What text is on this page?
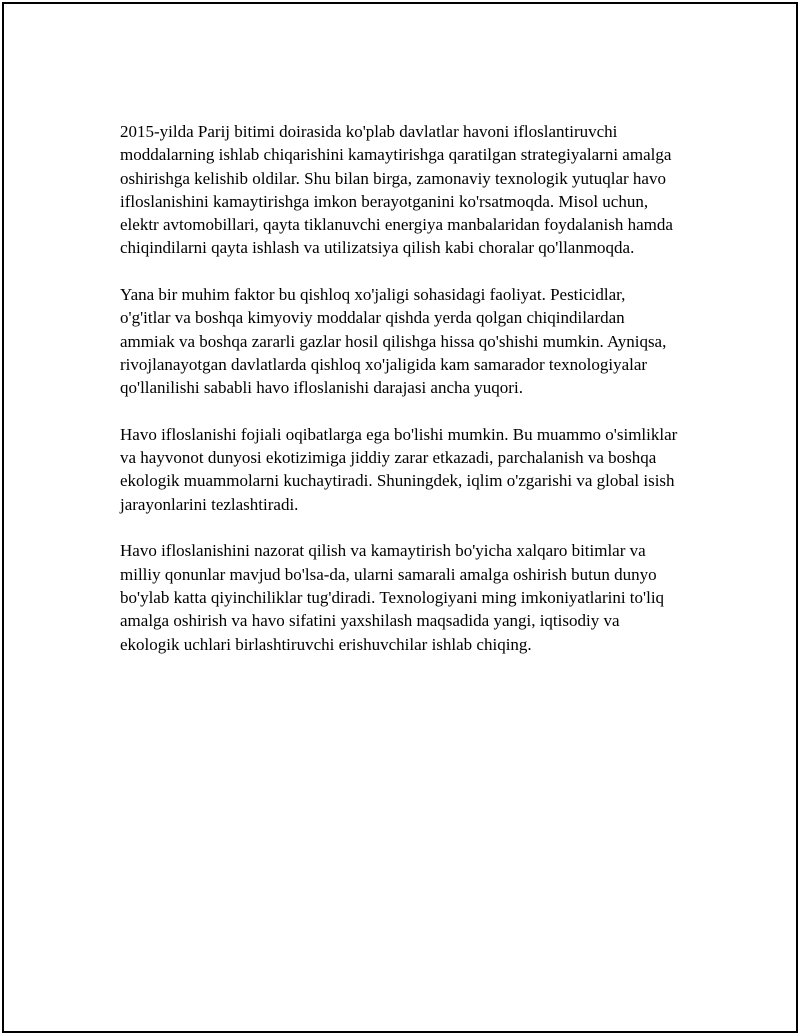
2015-yilda Parij bitimi doirasida ko'plab davlatlar havoni ifloslantiruvchi moddalarning ishlab chiqarishini kamaytirishga qaratilgan strategiyalarni amalga oshirishga kelishib oldilar. Shu bilan birga, zamonaviy texnologik yutuqlar havo ifloslanishini kamaytirishga imkon berayotganini ko'rsatmoqda. Misol uchun, elektr avtomobillari, qayta tiklanuvchi energiya manbalaridan foydalanish hamda chiqindilarni qayta ishlash va utilizatsiya qilish kabi choralar qo'llanmoqda.

Yana bir muhim faktor bu qishloq xo'jaligi sohasidagi faoliyat. Pesticidlar, o'g'itlar va boshqa kimyoviy moddalar qishda yerda qolgan chiqindilardan ammiak va boshqa zararli gazlar hosil qilishga hissa qo'shishi mumkin. Ayniqsa, rivojlanayotgan davlatlarda qishloq xo'jaligida kam samarador texnologiyalar qo'llanilishi sababli havo ifloslanishi darajasi ancha yuqori.

Havo ifloslanishi fojiali oqibatlarga ega bo'lishi mumkin. Bu muammo o'simliklar va hayvonot dunyosi ekotizimiga jiddiy zarar etkazadi, parchalanish va boshqa ekologik muammolarni kuchaytiradi. Shuningdek, iqlim o'zgarishi va global isish jarayonlarini tezlashtiradi.

Havo ifloslanishini nazorat qilish va kamaytirish bo'yicha xalqaro bitimlar va milliy qonunlar mavjud bo'lsa-da, ularni samarali amalga oshirish butun dunyo bo'ylab katta qiyinchiliklar tug'diradi. Texnologiyani ming imkoniyatlarini to'liq amalga oshirish va havo sifatini yaxshilash maqsadida yangi, iqtisodiy va ekologik uchlari birlashtiruvchi erishuvchilar ishlab chiqing.
